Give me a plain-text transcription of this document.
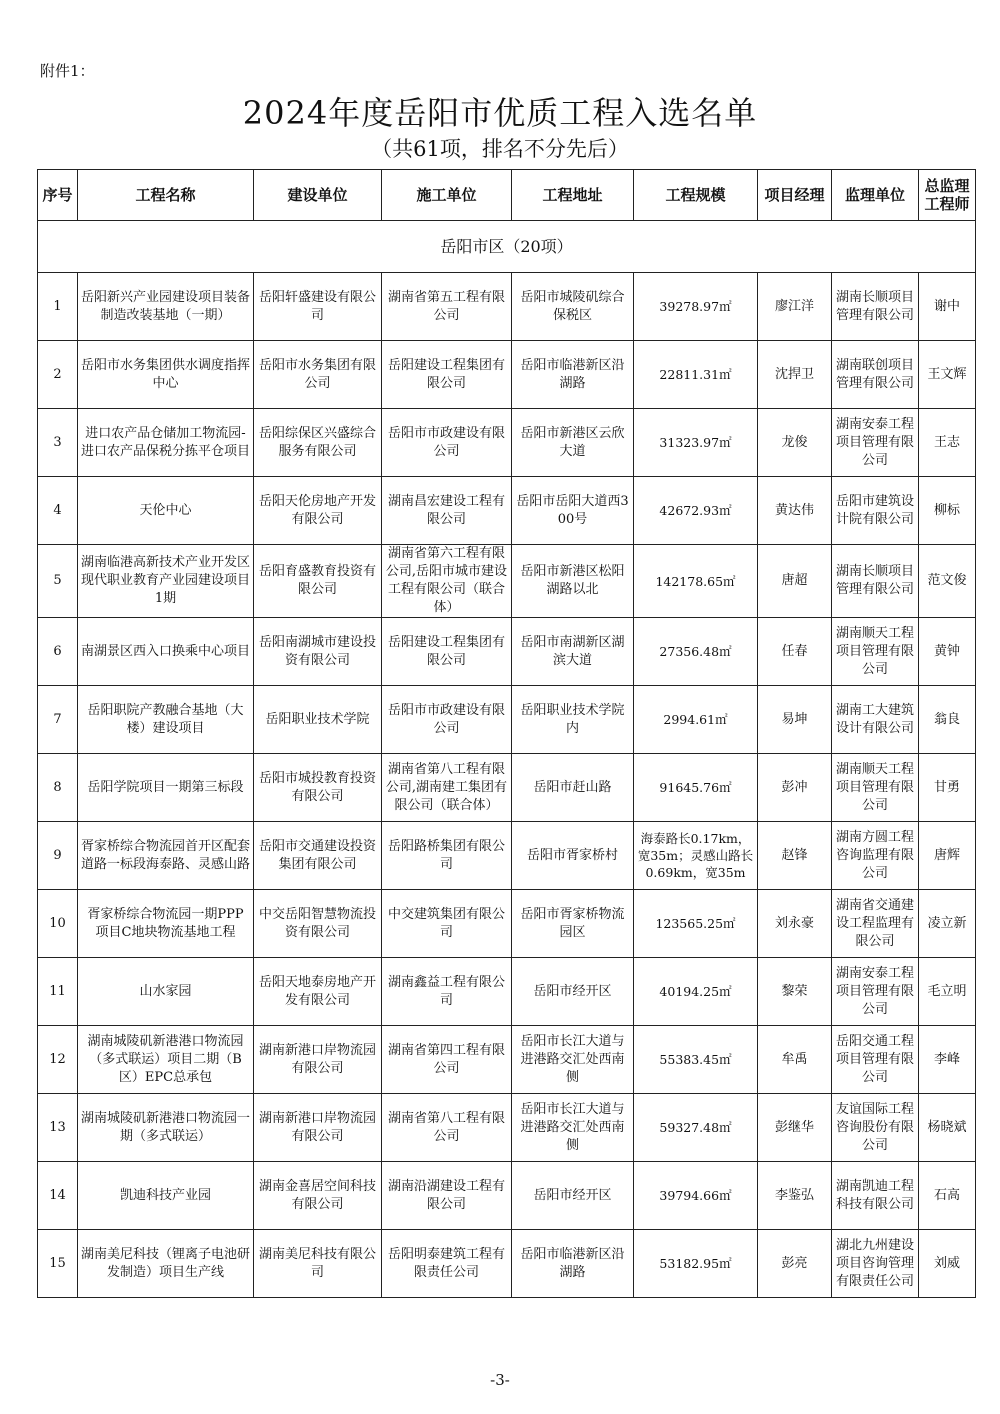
附件1：
2024年度岳阳市优质工程入选名单
（共61项，排名不分先后）
序号	工程名称	建设单位	施工单位	工程地址	工程规模	项目经理	监理单位	总监理工程师
岳阳市区（20项）								
1	岳阳新兴产业园建设项目装备制造改装基地（一期）	岳阳轩盛建设有限公司	湖南省第五工程有限公司	岳阳市城陵矶综合保税区	39278.97㎡	廖江洋	湖南长顺项目管理有限公司	谢中
2	岳阳市水务集团供水调度指挥中心	岳阳市水务集团有限公司	岳阳建设工程集团有限公司	岳阳市临港新区沿湖路	22811.31㎡	沈捍卫	湖南联创项目管理有限公司	王文辉
3	进口农产品仓储加工物流园-进口农产品保税分拣平仓项目	岳阳综保区兴盛综合服务有限公司	岳阳市市政建设有限公司	岳阳市新港区云欣大道	31323.97㎡	龙俊	湖南安泰工程项目管理有限公司	王志
4	天伦中心	岳阳天伦房地产开发有限公司	湖南昌宏建设工程有限公司	岳阳市岳阳大道西300号	42672.93㎡	黄达伟	岳阳市建筑设计院有限公司	柳标
5	湖南临港高新技术产业开发区现代职业教育产业园建设项目1期	岳阳育盛教育投资有限公司	湖南省第六工程有限公司,岳阳市城市建设工程有限公司（联合体）	岳阳市新港区松阳湖路以北	142178.65㎡	唐超	湖南长顺项目管理有限公司	范文俊
6	南湖景区西入口换乘中心项目	岳阳南湖城市建设投资有限公司	岳阳建设工程集团有限公司	岳阳市南湖新区湖滨大道	27356.48㎡	任春	湖南顺天工程项目管理有限公司	黄钟
7	岳阳职院产教融合基地（大楼）建设项目	岳阳职业技术学院	岳阳市市政建设有限公司	岳阳职业技术学院内	2994.61㎡	易坤	湖南工大建筑设计有限公司	翁良
8	岳阳学院项目一期第三标段	岳阳市城投教育投资有限公司	湖南省第八工程有限公司,湖南建工集团有限公司（联合体）	岳阳市赶山路	91645.76㎡	彭冲	湖南顺天工程项目管理有限公司	甘勇
9	胥家桥综合物流园首开区配套道路一标段海泰路、灵感山路	岳阳市交通建设投资集团有限公司	岳阳路桥集团有限公司	岳阳市胥家桥村	海泰路长0.17km，宽35m；灵感山路长0.69km，宽35m	赵锋	湖南方圆工程咨询监理有限公司	唐辉
10	胥家桥综合物流园一期PPP项目C地块物流基地工程	中交岳阳智慧物流投资有限公司	中交建筑集团有限公司	岳阳市胥家桥物流园区	123565.25㎡	刘永豪	湖南省交通建设工程监理有限公司	凌立新
11	山水家园	岳阳天地泰房地产开发有限公司	湖南鑫益工程有限公司	岳阳市经开区	40194.25㎡	黎荣	湖南安泰工程项目管理有限公司	毛立明
12	湖南城陵矶新港港口物流园（多式联运）项目二期（B区）EPC总承包	湖南新港口岸物流园有限公司	湖南省第四工程有限公司	岳阳市长江大道与进港路交汇处西南侧	55383.45㎡	牟禹	岳阳交通工程项目管理有限公司	李峰
13	湖南城陵矶新港港口物流园一期（多式联运）	湖南新港口岸物流园有限公司	湖南省第八工程有限公司	岳阳市长江大道与进港路交汇处西南侧	59327.48㎡	彭继华	友谊国际工程咨询股份有限公司	杨晓斌
14	凯迪科技产业园	湖南金喜居空间科技有限公司	湖南沿湖建设工程有限公司	岳阳市经开区	39794.66㎡	李鉴弘	湖南凯迪工程科技有限公司	石高
15	湖南美尼科技（锂离子电池研发制造）项目生产线	湖南美尼科技有限公司	岳阳明泰建筑工程有限责任公司	岳阳市临港新区沿湖路	53182.95㎡	彭亮	湖北九州建设项目咨询管理有限责任公司	刘威
-3-
